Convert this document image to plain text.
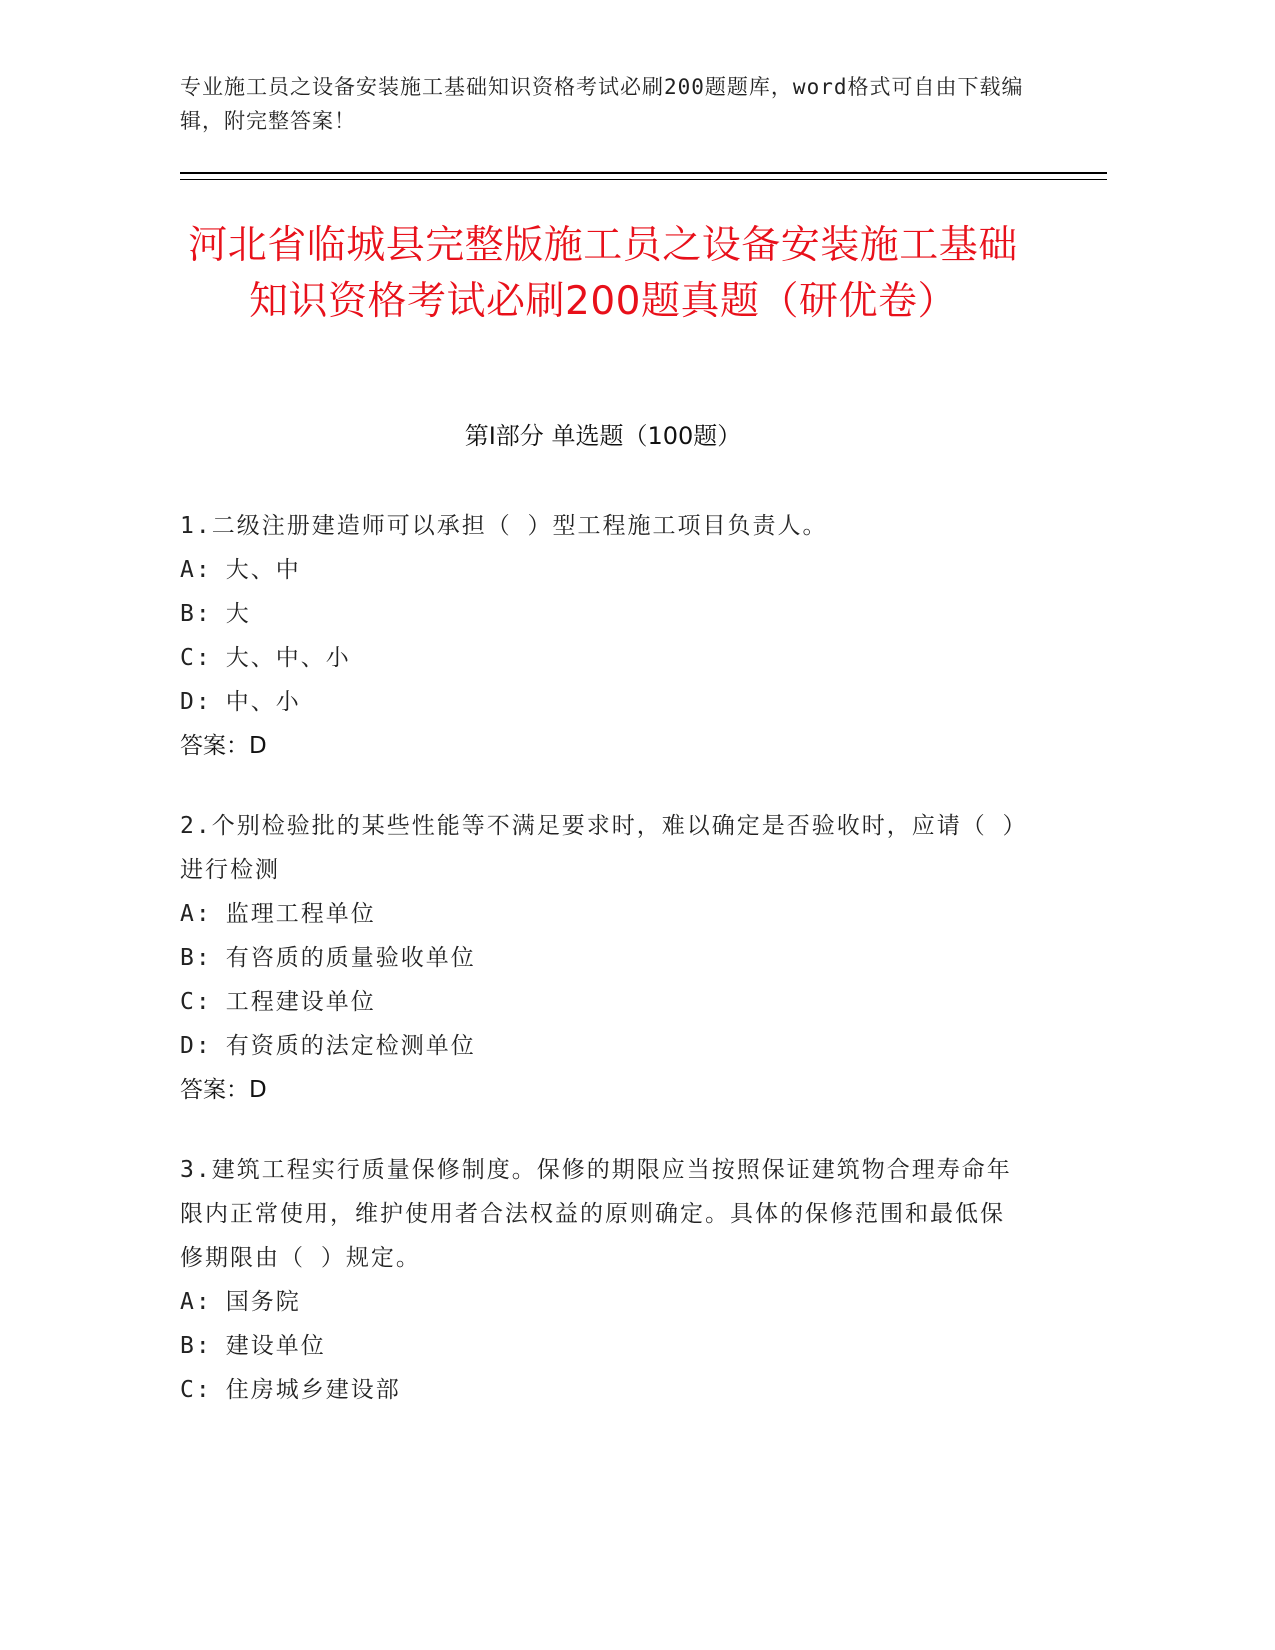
专业施工员之设备安装施工基础知识资格考试必刷200题题库，word格式可自由下载编辑，附完整答案！
河北省临城县完整版施工员之设备安装施工基础知识资格考试必刷200题真题（研优卷）
第Ⅰ部分 单选题（100题）
1.二级注册建造师可以承担（ ）型工程施工项目负责人。
A: 大、中
B: 大
C: 大、中、小
D: 中、小
答案：D
2.个别检验批的某些性能等不满足要求时，难以确定是否验收时，应请（ ）进行检测
A: 监理工程单位
B: 有咨质的质量验收单位
C: 工程建设单位
D: 有资质的法定检测单位
答案：D
3.建筑工程实行质量保修制度。保修的期限应当按照保证建筑物合理寿命年限内正常使用，维护使用者合法权益的原则确定。具体的保修范围和最低保修期限由（ ）规定。
A: 国务院
B: 建设单位
C: 住房城乡建设部
